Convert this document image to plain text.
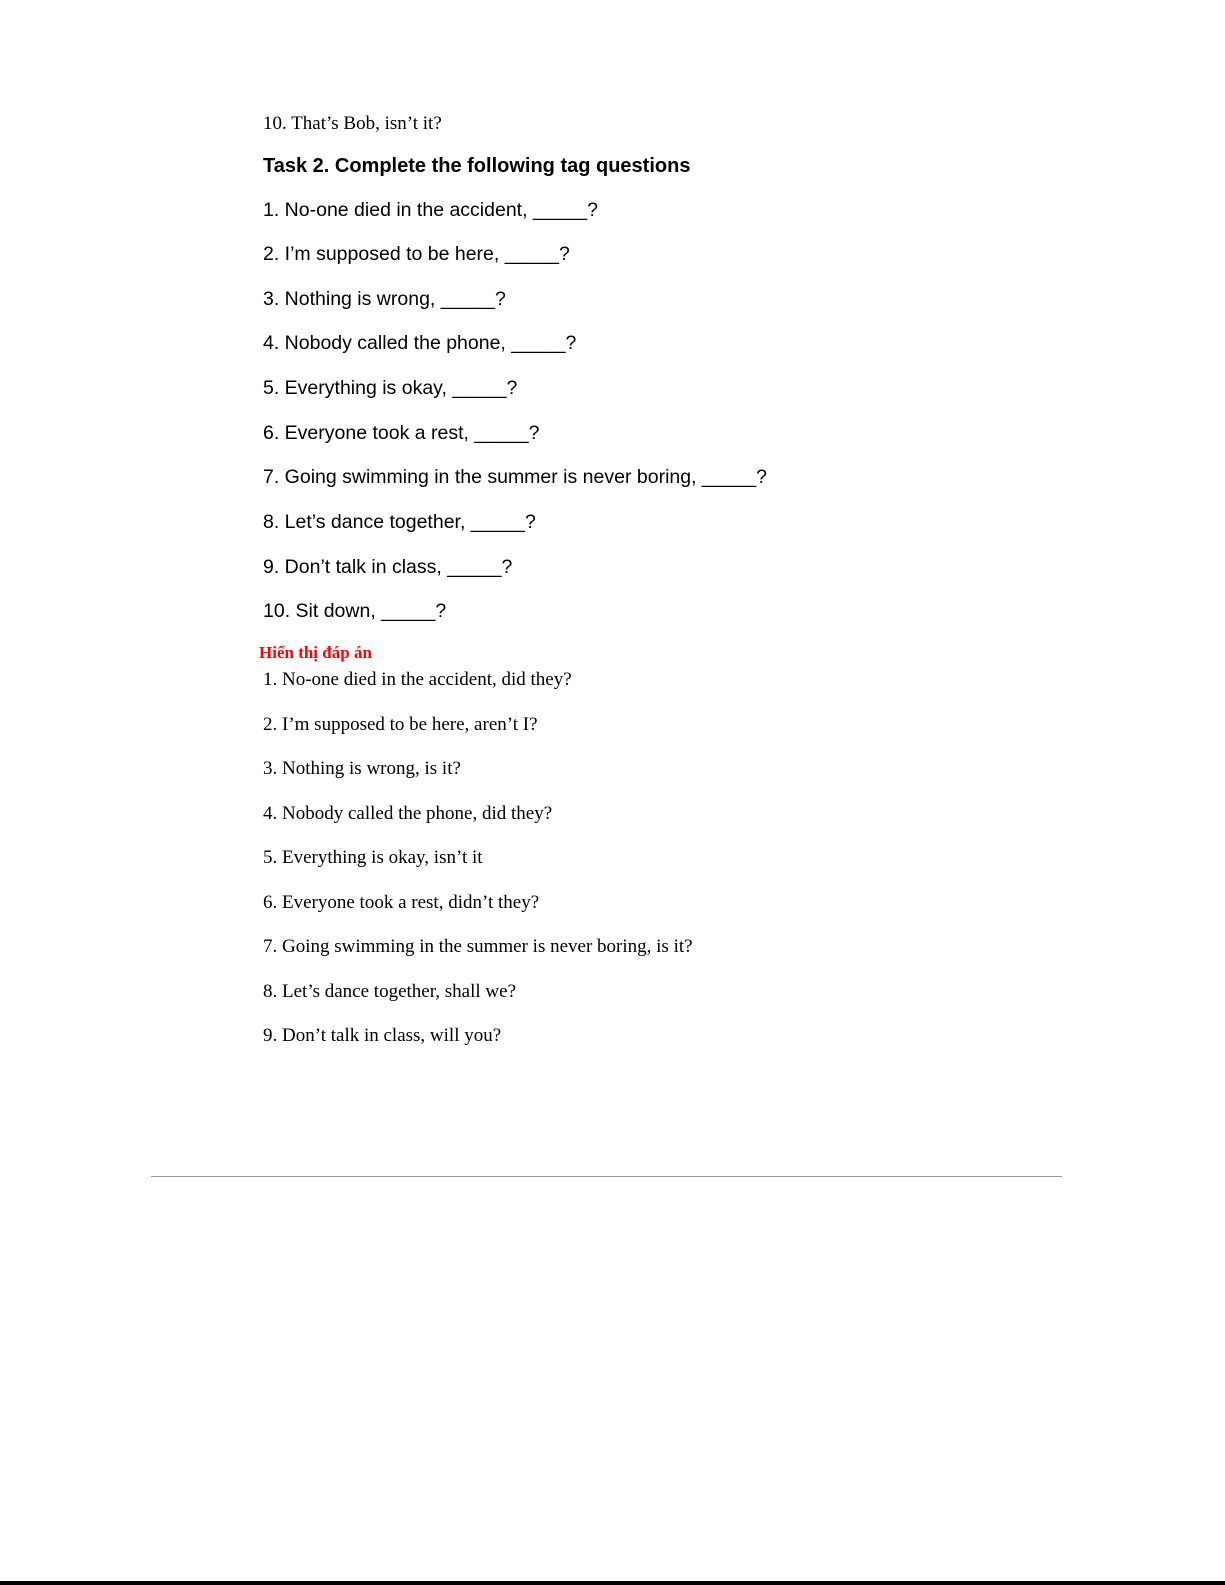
10. That’s Bob, isn’t it?
Task 2. Complete the following tag questions
1. No-one died in the accident, _____?
2. I’m supposed to be here, _____?
3. Nothing is wrong, _____?
4. Nobody called the phone, _____?
5. Everything is okay, _____?
6. Everyone took a rest, _____?
7. Going swimming in the summer is never boring, _____?
8. Let’s dance together, _____?
9. Don’t talk in class, _____?
10. Sit down, _____?
Hiển thị đáp án
1. No-one died in the accident, did they?
2. I’m supposed to be here, aren’t I?
3. Nothing is wrong, is it?
4. Nobody called the phone, did they?
5. Everything is okay, isn’t it
6. Everyone took a rest, didn’t they?
7. Going swimming in the summer is never boring, is it?
8. Let’s dance together, shall we?
9. Don’t talk in class, will you?
